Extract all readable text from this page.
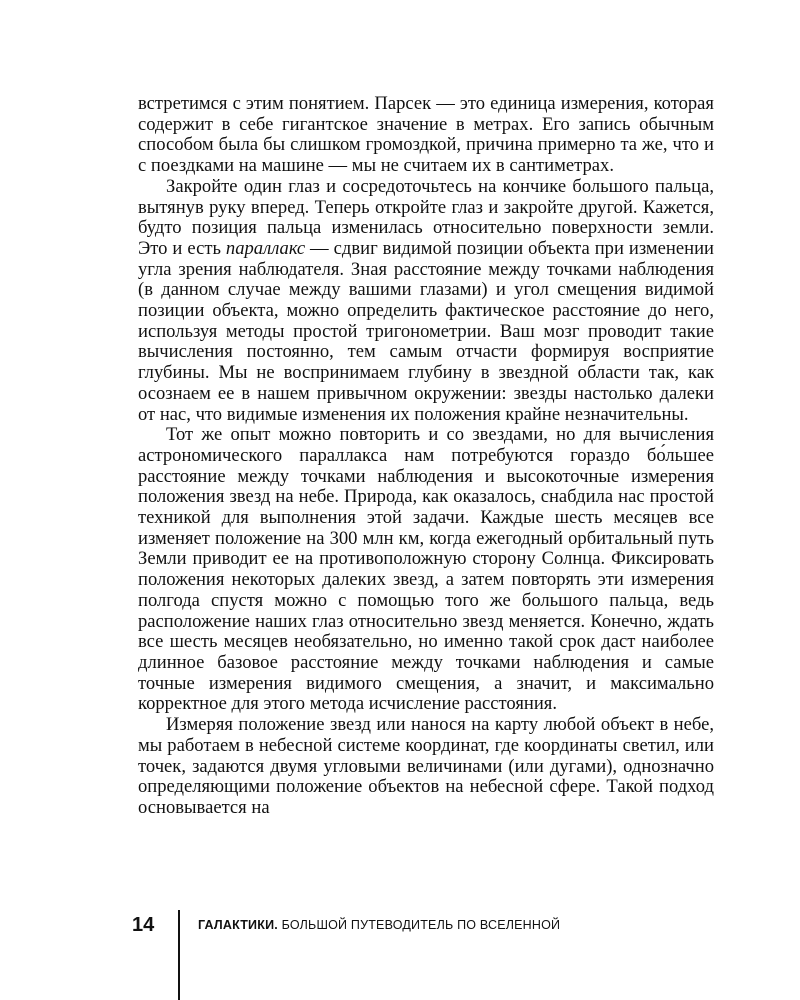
встретимся с этим понятием. Парсек — это единица измерения, которая содержит в себе гигантское значение в метрах. Его запись обычным способом была бы слишком громоздкой, причина примерно та же, что и с поездками на машине — мы не считаем их в сантиметрах.

Закройте один глаз и сосредоточьтесь на кончике большого пальца, вытянув руку вперед. Теперь откройте глаз и закройте другой. Кажется, будто позиция пальца изменилась относительно поверхности земли. Это и есть параллакс — сдвиг видимой позиции объекта при изменении угла зрения наблюдателя. Зная расстояние между точками наблюдения (в данном случае между вашими глазами) и угол смещения видимой позиции объекта, можно определить фактическое расстояние до него, используя методы простой тригонометрии. Ваш мозг проводит такие вычисления постоянно, тем самым отчасти формируя восприятие глубины. Мы не воспринимаем глубину в звездной области так, как осознаем ее в нашем привычном окружении: звезды настолько далеки от нас, что видимые изменения их положения крайне незначительны.

Тот же опыт можно повторить и со звездами, но для вычисления астрономического параллакса нам потребуются гораздо бо́льшее расстояние между точками наблюдения и высокоточные измерения положения звезд на небе. Природа, как оказалось, снабдила нас простой техникой для выполнения этой задачи. Каждые шесть месяцев все изменяет положение на 300 млн км, когда ежегодный орбитальный путь Земли приводит ее на противоположную сторону Солнца. Фиксировать положения некоторых далеких звезд, а затем повторять эти измерения полгода спустя можно с помощью того же большого пальца, ведь расположение наших глаз относительно звезд меняется. Конечно, ждать все шесть месяцев необязательно, но именно такой срок даст наиболее длинное базовое расстояние между точками наблюдения и самые точные измерения видимого смещения, а значит, и максимально корректное для этого метода исчисление расстояния.

Измеряя положение звезд или нанося на карту любой объект в небе, мы работаем в небесной системе координат, где координаты светил, или точек, задаются двумя угловыми величинами (или дугами), однозначно определяющими положение объектов на небесной сфере. Такой подход основывается на

14	ГАЛАКТИКИ. БОЛЬШОЙ ПУТЕВОДИТЕЛЬ ПО ВСЕЛЕННОЙ
